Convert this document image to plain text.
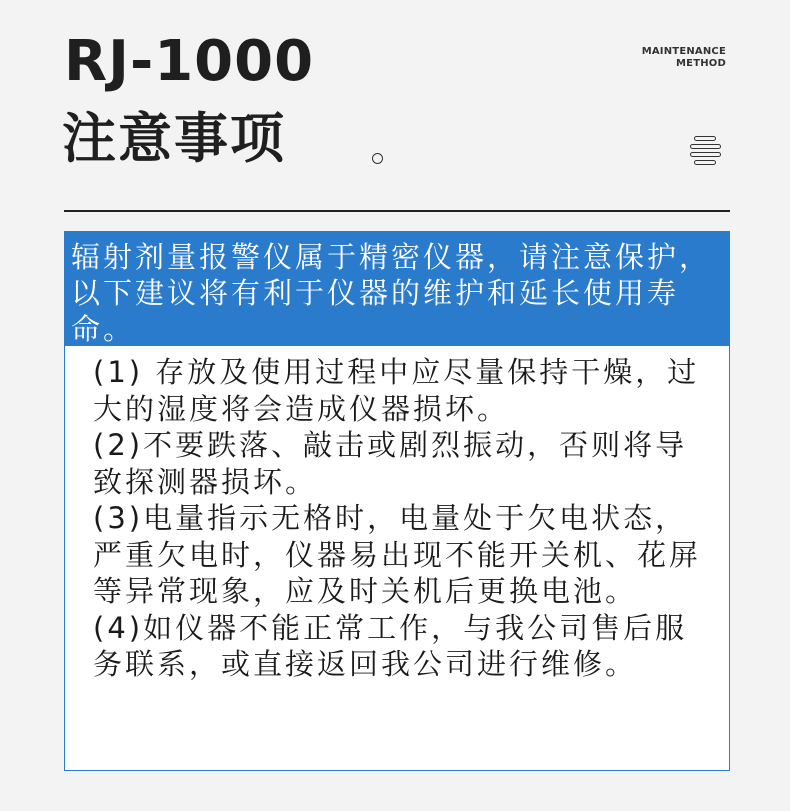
RJ-1000
注意事项
MAINTENANCE
METHOD
辐射剂量报警仪属于精密仪器，请注意保护，以下建议将有利于仪器的维护和延长使用寿命。

(1) 存放及使用过程中应尽量保持干燥，过大的湿度将会造成仪器损坏。

(2)不要跌落、敲击或剧烈振动，否则将导致探测器损坏。

(3)电量指示无格时，电量处于欠电状态，严重欠电时，仪器易出现不能开关机、花屏等异常现象，应及时关机后更换电池。

(4)如仪器不能正常工作，与我公司售后服务联系，或直接返回我公司进行维修。
